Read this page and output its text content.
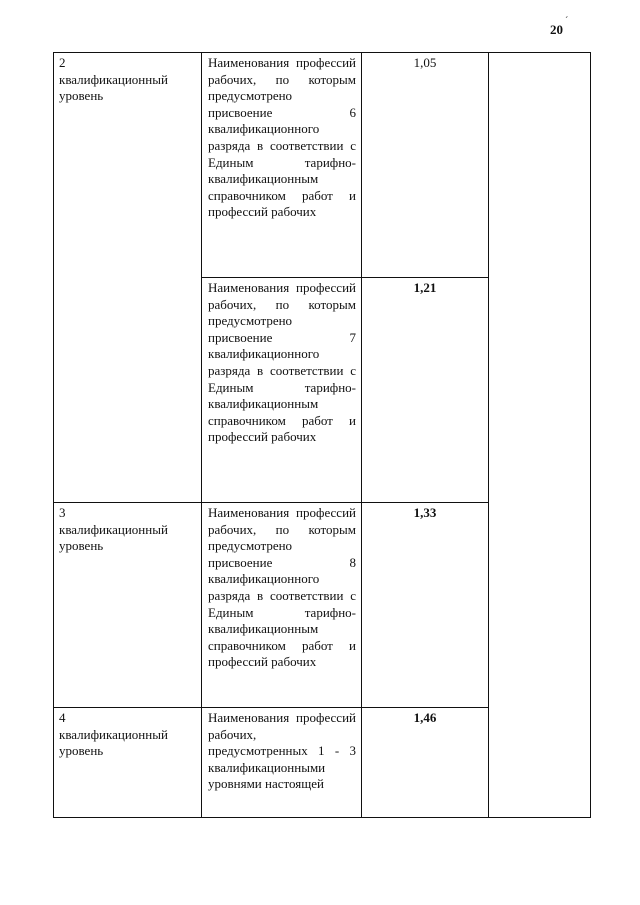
20
´
2
квалификационный
уровень	Наименования профессий рабочих, по которым предусмотрено присвоение 6 квалификационного разряда в соответствии с Единым тарифно-квалификационным справочником работ и профессий рабочих	1,05	
	Наименования профессий рабочих, по которым предусмотрено присвоение 7 квалификационного разряда в соответствии с Единым тарифно-квалификационным справочником работ и профессий рабочих	1,21	

3
квалификационный
уровень	Наименования профессий рабочих, по которым предусмотрено присвоение 8 квалификационного разряда в соответствии с Единым тарифно-квалификационным справочником работ и профессий рабочих	1,33	

4
квалификационный
уровень	Наименования профессий рабочих, предусмотренных 1 - 3 квалификационными уровнями настоящей	1,46	
